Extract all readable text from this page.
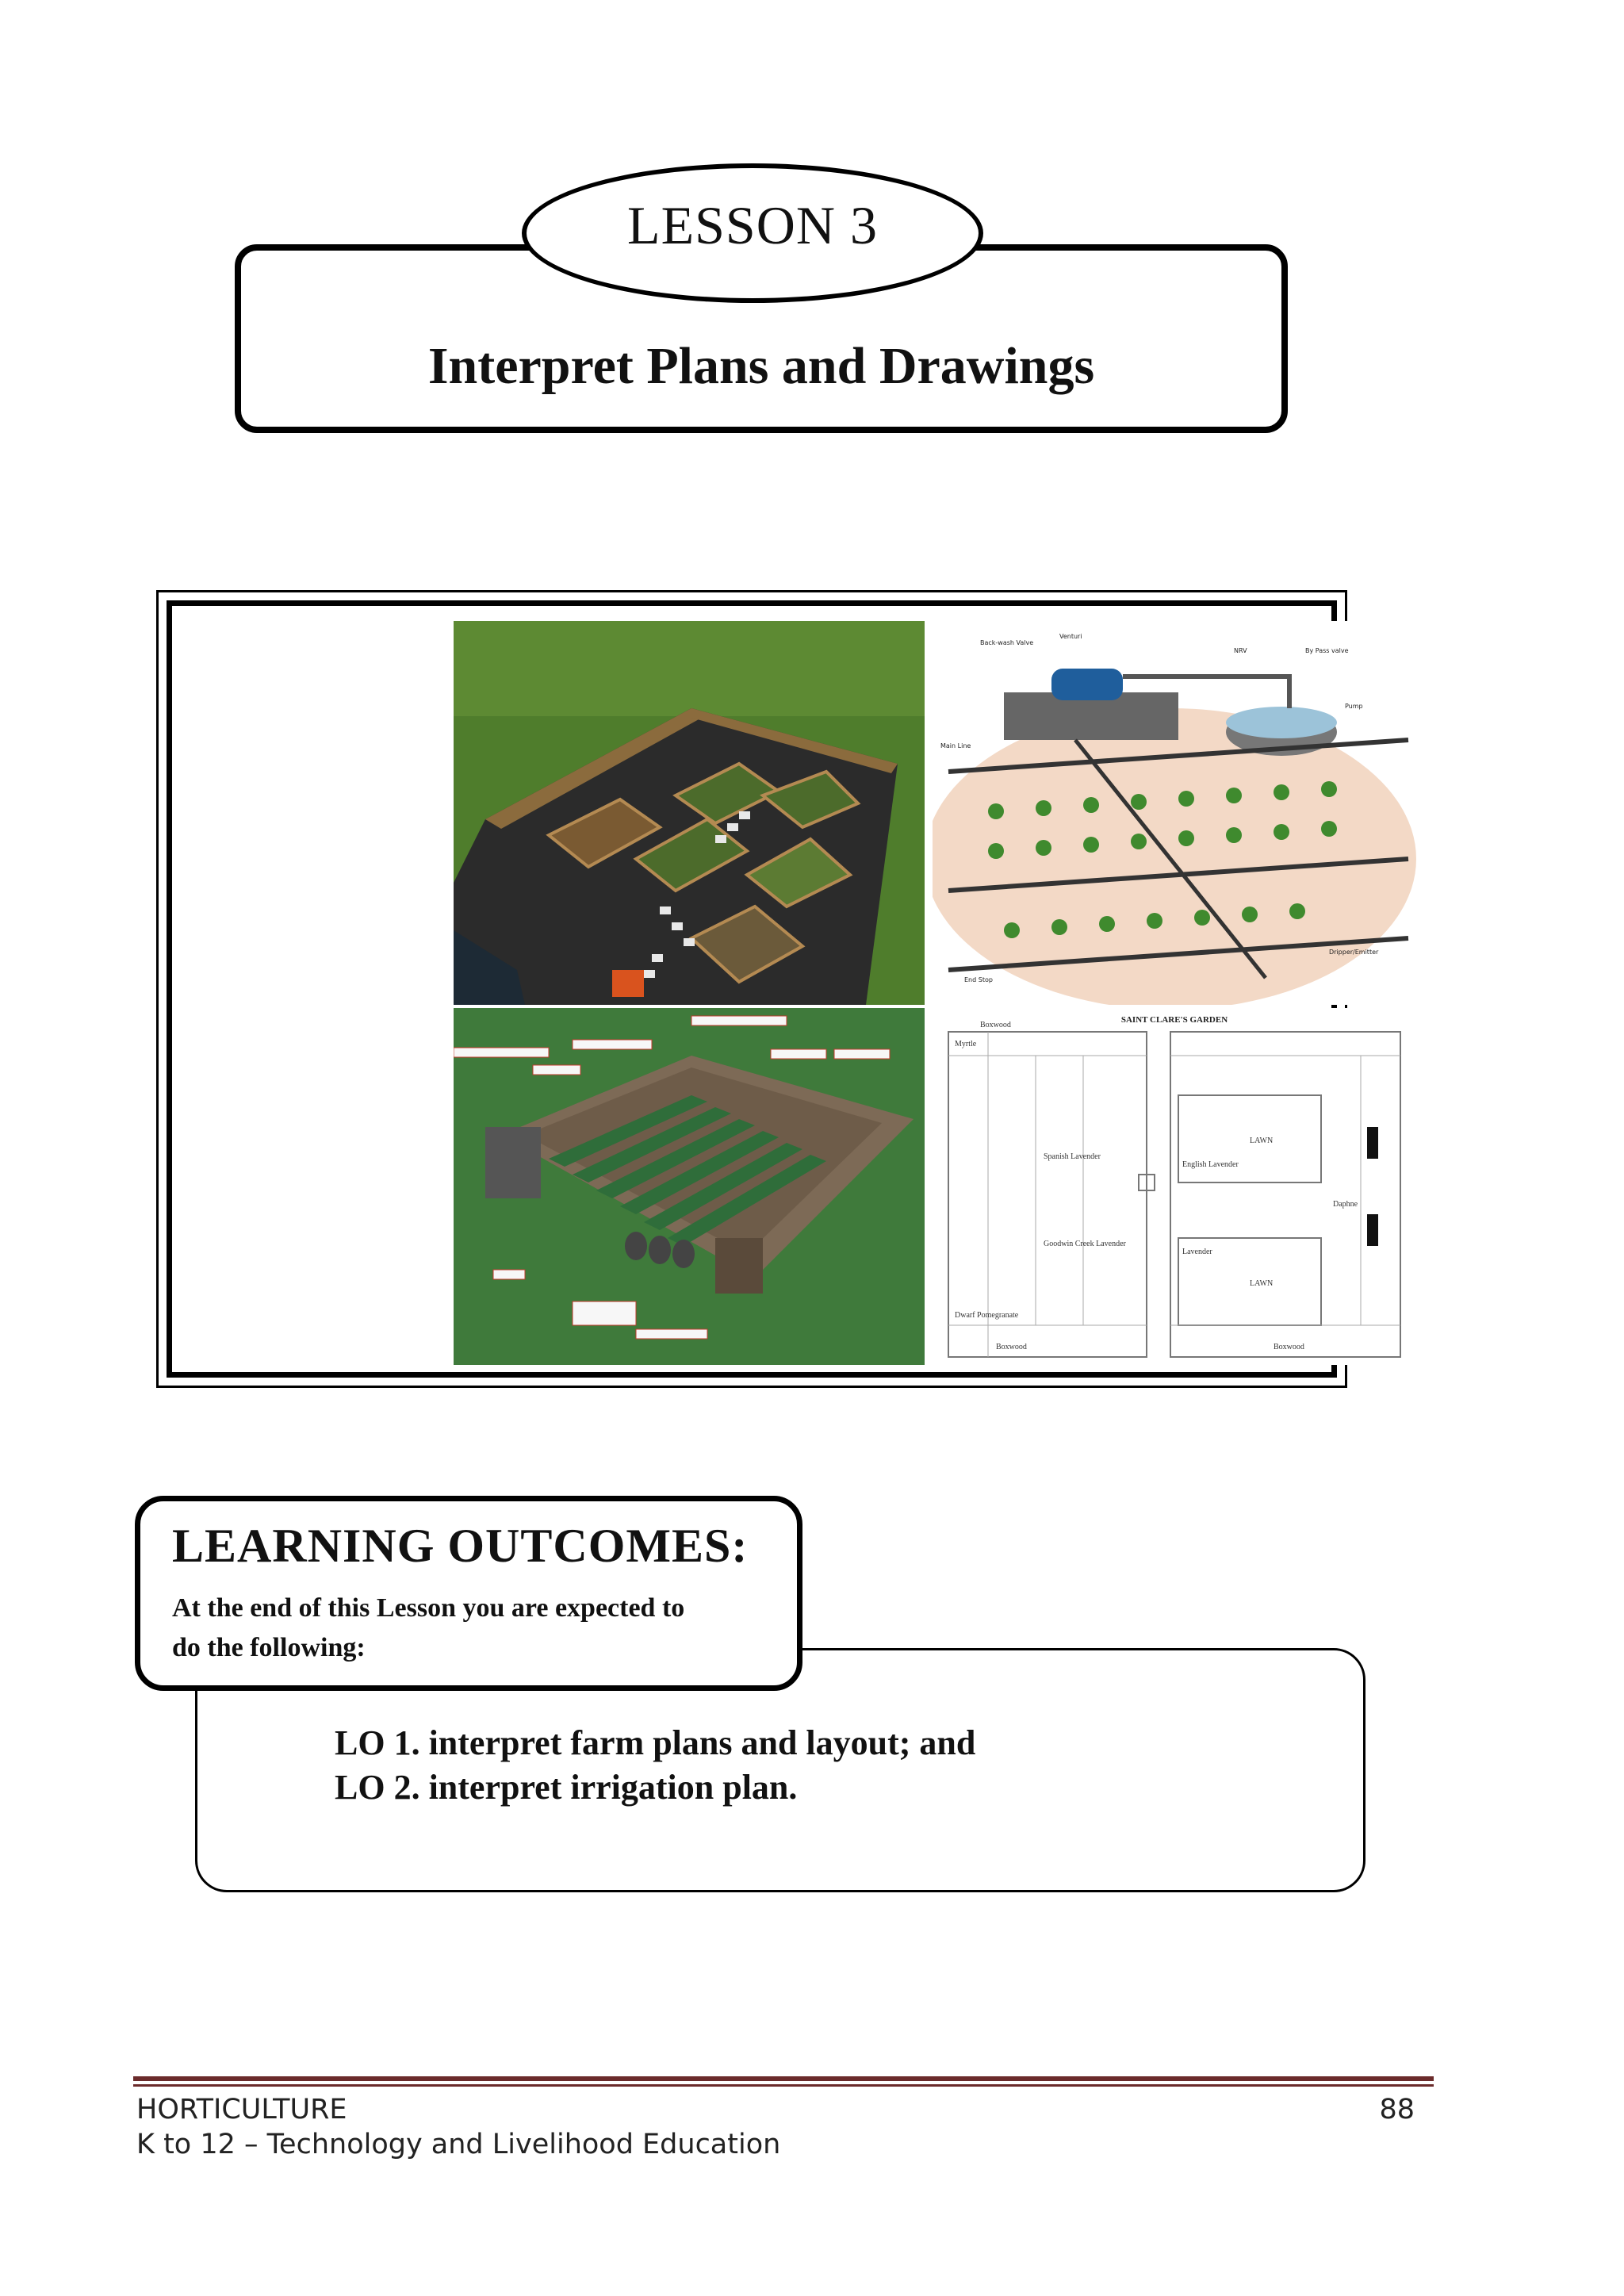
LESSON 3
Interpret Plans and Drawings
Back-wash Valve
Venturi
NRV	By Pass valve
Pump
Main Line
Dripper/Emitter
End Stop
SAINT CLARE'S GARDEN
Boxwood
Myrtle
LAWN
LAWN
English Lavender
Spanish Lavender
Goodwin Creek Lavender
Lavender
Daphne
Dwarf Pomegranate
Boxwood	Boxwood
LEARNING OUTCOMES:
At the end of this Lesson you are expected to
do the following:
LO 1. interpret farm plans and layout; and
LO 2. interpret irrigation plan.
HORTICULTURE
K to 12 – Technology and Livelihood Education
88
